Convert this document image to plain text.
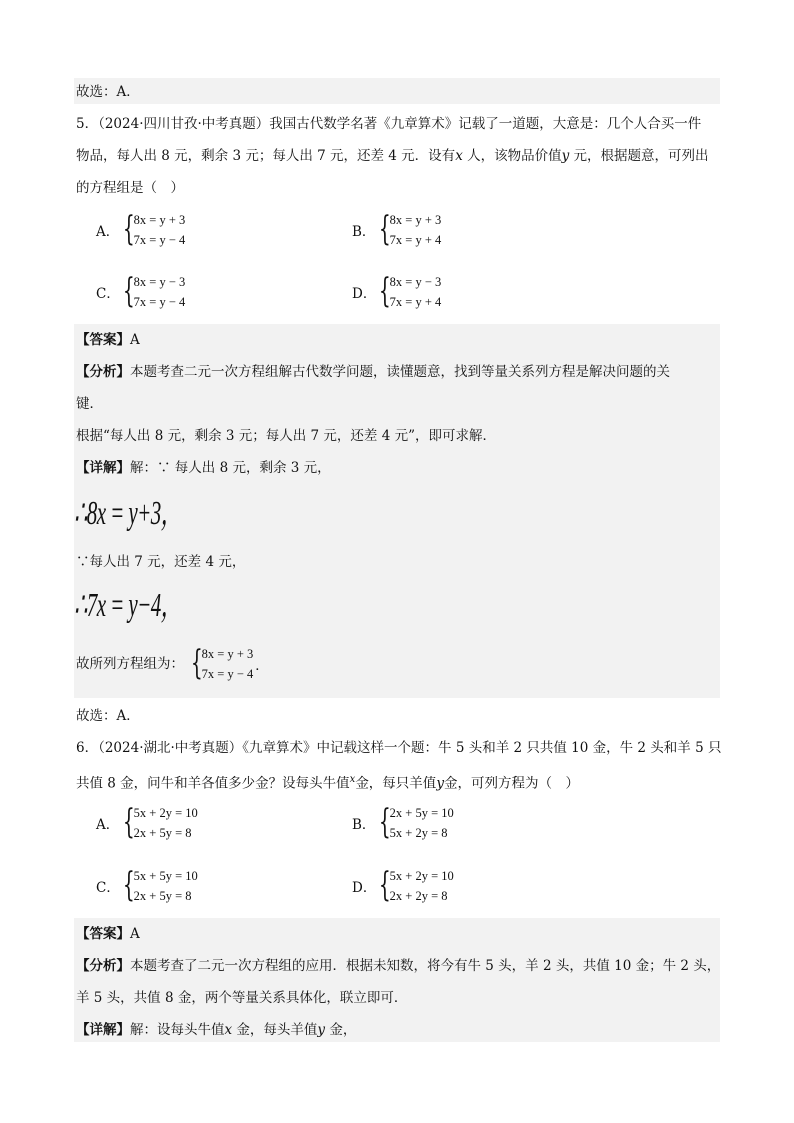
故选：A．
5．（2024·四川甘孜·中考真题）我国古代数学名著《九章算术》记载了一道题，大意是：几个人合买一件
物品，每人出 8 元，剩余 3 元；每人出 7 元，还差 4 元．设有x 人，该物品价值y 元，根据题意，可列出
的方程组是（　）
A． {
8x = y + 3
7x = y − 4	B． {
8x = y + 3
7x = y + 4
C． {
8x = y − 3
7x = y − 4	D． {
8x = y − 3
7x = y + 4
【答案】A
【分析】本题考查二元一次方程组解古代数学问题，读懂题意，找到等量关系列方程是解决问题的关
键．
根据“每人出 8 元，剩余 3 元；每人出 7 元，还差 4 元”，即可求解．
【详解】解：∵ 每人出 8 元，剩余 3 元，
∴8x = y+3，
∵每人出 7 元，还差 4 元，
∴7x = y−4，
故所列方程组为： {
8x = y + 3
7x = y − 4 ．
故选：A．
6．（2024·湖北·中考真题）《九章算术》中记载这样一个题：牛 5 头和羊 2 只共值 10 金，牛 2 头和羊 5 只
共值 8 金，问牛和羊各值多少金？设每头牛值$^x$金，每只羊值y金，可列方程为（　）
A． {
5x + 2y = 10
2x + 5y = 8	B． {
2x + 5y = 10
5x + 2y = 8
C． {
5x + 5y = 10
2x + 5y = 8	D． {
5x + 2y = 10
2x + 2y = 8
【答案】A
【分析】本题考查了二元一次方程组的应用．根据未知数，将今有牛 5 头，羊 2 头，共值 10 金；牛 2 头，
羊 5 头，共值 8 金，两个等量关系具体化，联立即可．
【详解】解：设每头牛值x 金，每头羊值y 金，
